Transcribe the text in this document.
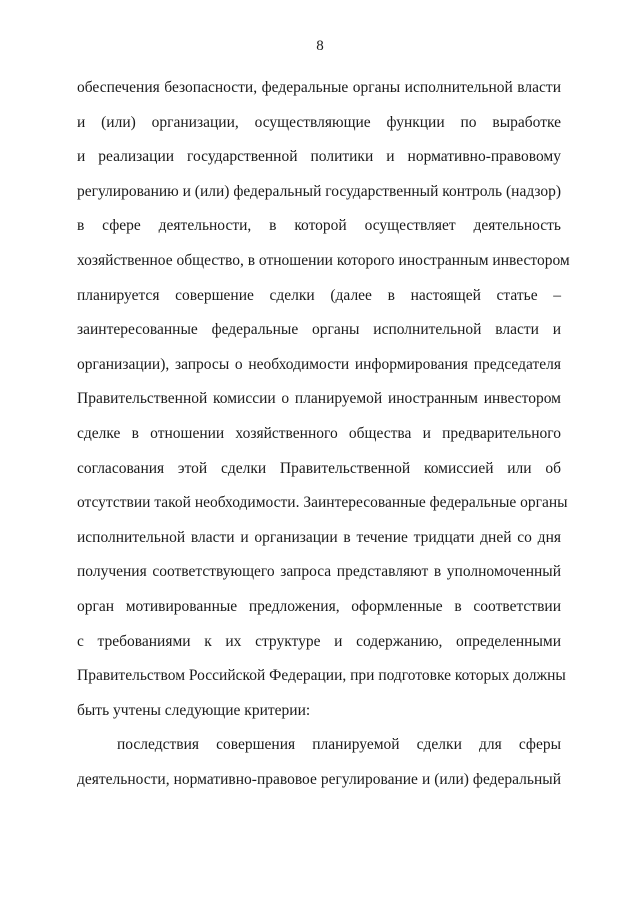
8
обеспечения безопасности, федеральные органы исполнительной власти
и (или) организации, осуществляющие функции по выработке
и реализации государственной политики и нормативно-правовому
регулированию и (или) федеральный государственный контроль (надзор)
в сфере деятельности, в которой осуществляет деятельность
хозяйственное общество, в отношении которого иностранным инвестором
планируется совершение сделки (далее в настоящей статье –
заинтересованные федеральные органы исполнительной власти и
организации), запросы о необходимости информирования председателя
Правительственной комиссии о планируемой иностранным инвестором
сделке в отношении хозяйственного общества и предварительного
согласования этой сделки Правительственной комиссией или об
отсутствии такой необходимости. Заинтересованные федеральные органы
исполнительной власти и организации в течение тридцати дней со дня
получения соответствующего запроса представляют в уполномоченный
орган мотивированные предложения, оформленные в соответствии
с требованиями к их структуре и содержанию, определенными
Правительством Российской Федерации, при подготовке которых должны
быть учтены следующие критерии:
последствия совершения планируемой сделки для сферы
деятельности, нормативно-правовое регулирование и (или) федеральный
